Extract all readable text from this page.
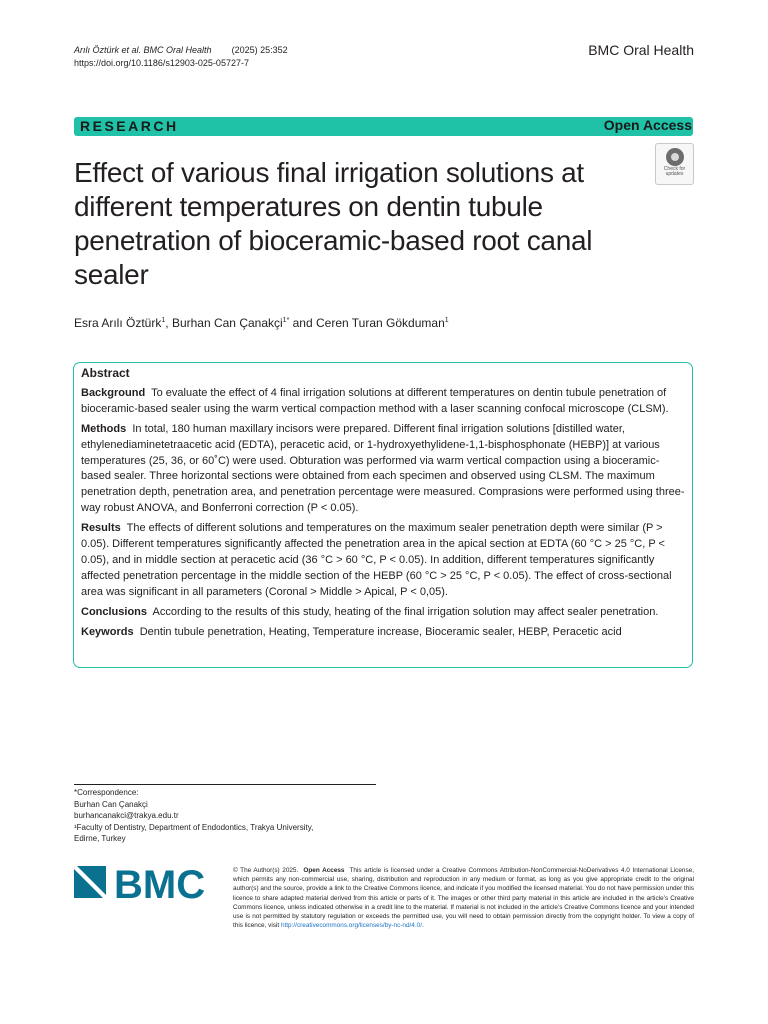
Arılı Öztürk et al. BMC Oral Health (2025) 25:352
https://doi.org/10.1186/s12903-025-05727-7
BMC Oral Health
RESEARCH	Open Access
Check for
updates
Effect of various final irrigation solutions at different temperatures on dentin tubule penetration of bioceramic-based root canal sealer
Esra Arılı Öztürk$^1$, Burhan Can Çanakçi$^{1*}$ and Ceren Turan Gökduman$^1$
Abstract

Background To evaluate the effect of 4 final irrigation solutions at different temperatures on dentin tubule penetration of bioceramic-based sealer using the warm vertical compaction method with a laser scanning confocal microscope (CLSM).

Methods In total, 180 human maxillary incisors were prepared. Different final irrigation solutions [distilled water, ethylenediaminetetraacetic acid (EDTA), peracetic acid, or 1-hydroxyethylidene-1,1-bisphosphonate (HEBP)] at various temperatures (25, 36, or 60˚C) were used. Obturation was performed via warm vertical compaction using a bioceramic-based sealer. Three horizontal sections were obtained from each specimen and observed using CLSM. The maximum penetration depth, penetration area, and penetration percentage were measured. Comprasions were performed using three-way robust ANOVA, and Bonferroni correction (P < 0.05).

Results The effects of different solutions and temperatures on the maximum sealer penetration depth were similar (P > 0.05). Different temperatures significantly affected the penetration area in the apical section at EDTA (60 °C > 25 °C, P < 0.05), and in middle section at peracetic acid (36 °C > 60 °C, P < 0.05). In addition, different temperatures significantly affected penetration percentage in the middle section of the HEBP (60 °C > 25 °C, P < 0.05). The effect of cross-sectional area was significant in all parameters (Coronal > Middle > Apical, P < 0,05).

Conclusions According to the results of this study, heating of the final irrigation solution may affect sealer penetration.

Keywords Dentin tubule penetration, Heating, Temperature increase, Bioceramic sealer, HEBP, Peracetic acid

*Correspondence:
Burhan Can Çanakçi
burhancanakci@trakya.edu.tr
¹Faculty of Dentistry, Department of Endodontics, Trakya University,
Edirne, Turkey
BMC	© The Author(s) 2025. Open Access This article is licensed under a Creative Commons Attribution-NonCommercial-NoDerivatives 4.0 International License, which permits any non-commercial use, sharing, distribution and reproduction in any medium or format, as long as you give appropriate credit to the original author(s) and the source, provide a link to the Creative Commons licence, and indicate if you modified the licensed material. You do not have permission under this licence to share adapted material derived from this article or parts of it. The images or other third party material in this article are included in the article’s Creative Commons licence, unless indicated otherwise in a credit line to the material. If material is not included in the article’s Creative Commons licence and your intended use is not permitted by statutory regulation or exceeds the permitted use, you will need to obtain permission directly from the copyright holder. To view a copy of this licence, visit http://creativecommons.org/licenses/by-nc-nd/4.0/.
